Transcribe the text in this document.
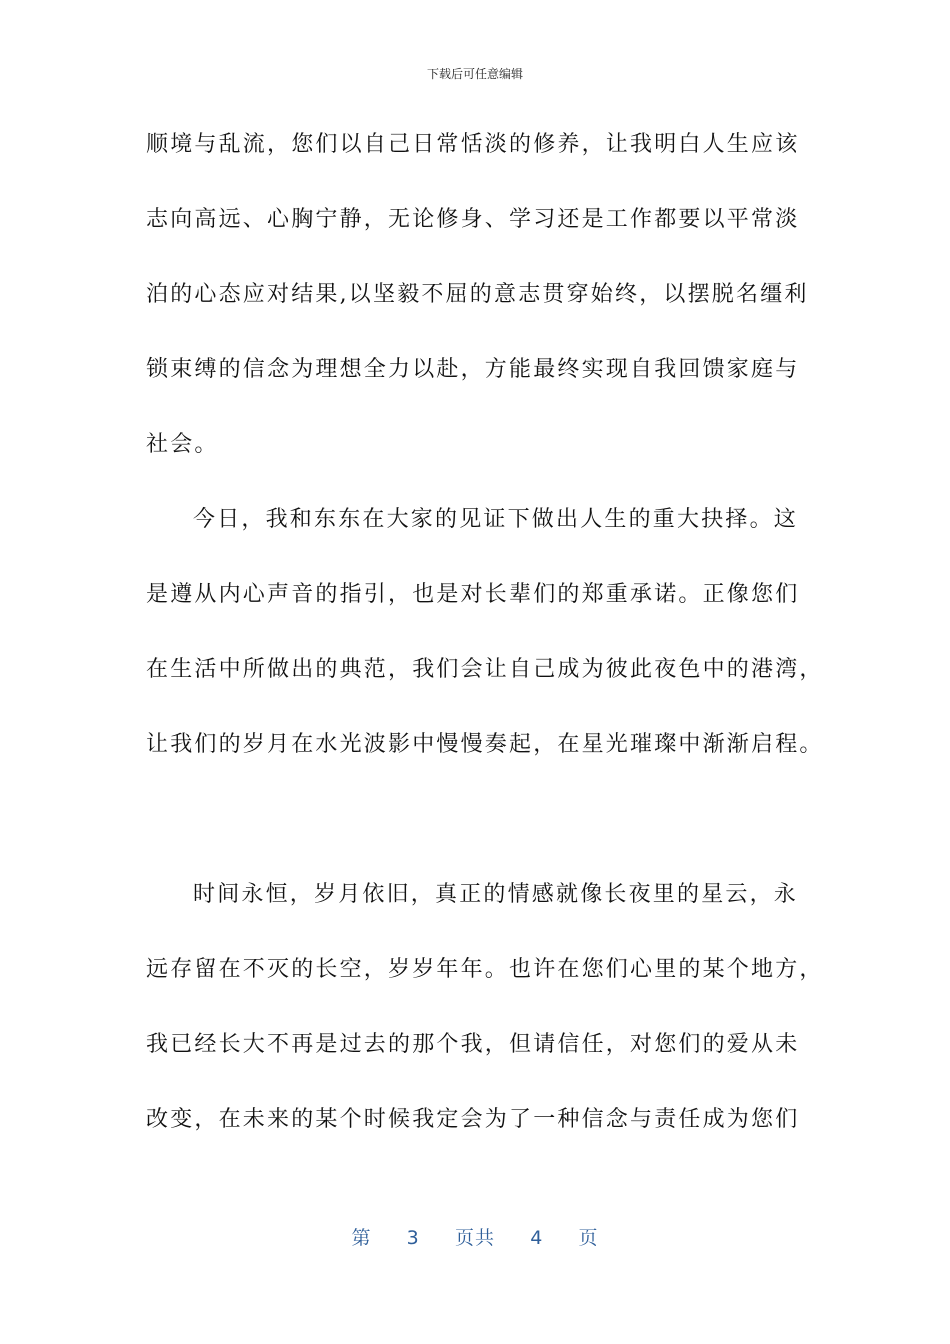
下载后可任意编辑
顺境与乱流，您们以自己日常恬淡的修养，让我明白人生应该
志向高远、心胸宁静，无论修身、学习还是工作都要以平常淡
泊的心态应对结果,以坚毅不屈的意志贯穿始终，以摆脱名缰利
锁束缚的信念为理想全力以赴，方能最终实现自我回馈家庭与
社会。
今日，我和东东在大家的见证下做出人生的重大抉择。这
是遵从内心声音的指引，也是对长辈们的郑重承诺。正像您们
在生活中所做出的典范，我们会让自己成为彼此夜色中的港湾，
让我们的岁月在水光波影中慢慢奏起，在星光璀璨中渐渐启程。
时间永恒，岁月依旧，真正的情感就像长夜里的星云，永
远存留在不灭的长空，岁岁年年。也许在您们心里的某个地方，
我已经长大不再是过去的那个我，但请信任，对您们的爱从未
改变，在未来的某个时候我定会为了一种信念与责任成为您们
第 3 页共 4 页
